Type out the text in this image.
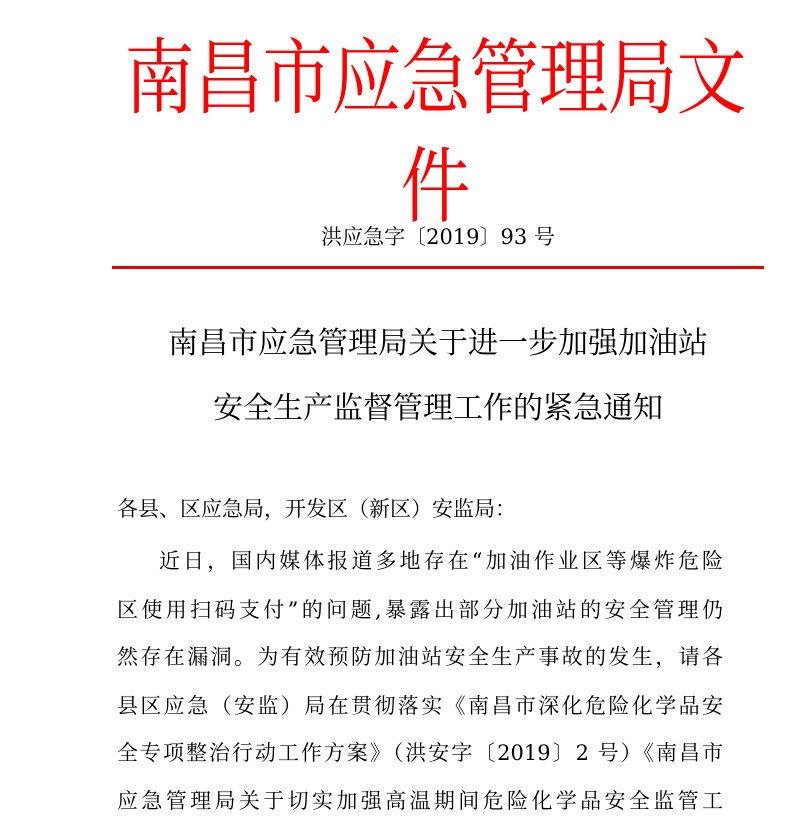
南昌市应急管理局文件
洪应急字〔2019〕93 号
南昌市应急管理局关于进一步加强加油站
安全生产监督管理工作的紧急通知
各县、区应急局，开发区（新区）安监局：
近日，国内媒体报道多地存在“加油作业区等爆炸危险
区使用扫码支付”的问题,暴露出部分加油站的安全管理仍
然存在漏洞。为有效预防加油站安全生产事故的发生，请各
县区应急（安监）局在贯彻落实《南昌市深化危险化学品安
全专项整治行动工作方案》（洪安字〔2019〕2 号）《南昌市
应急管理局关于切实加强高温期间危险化学品安全监管工
